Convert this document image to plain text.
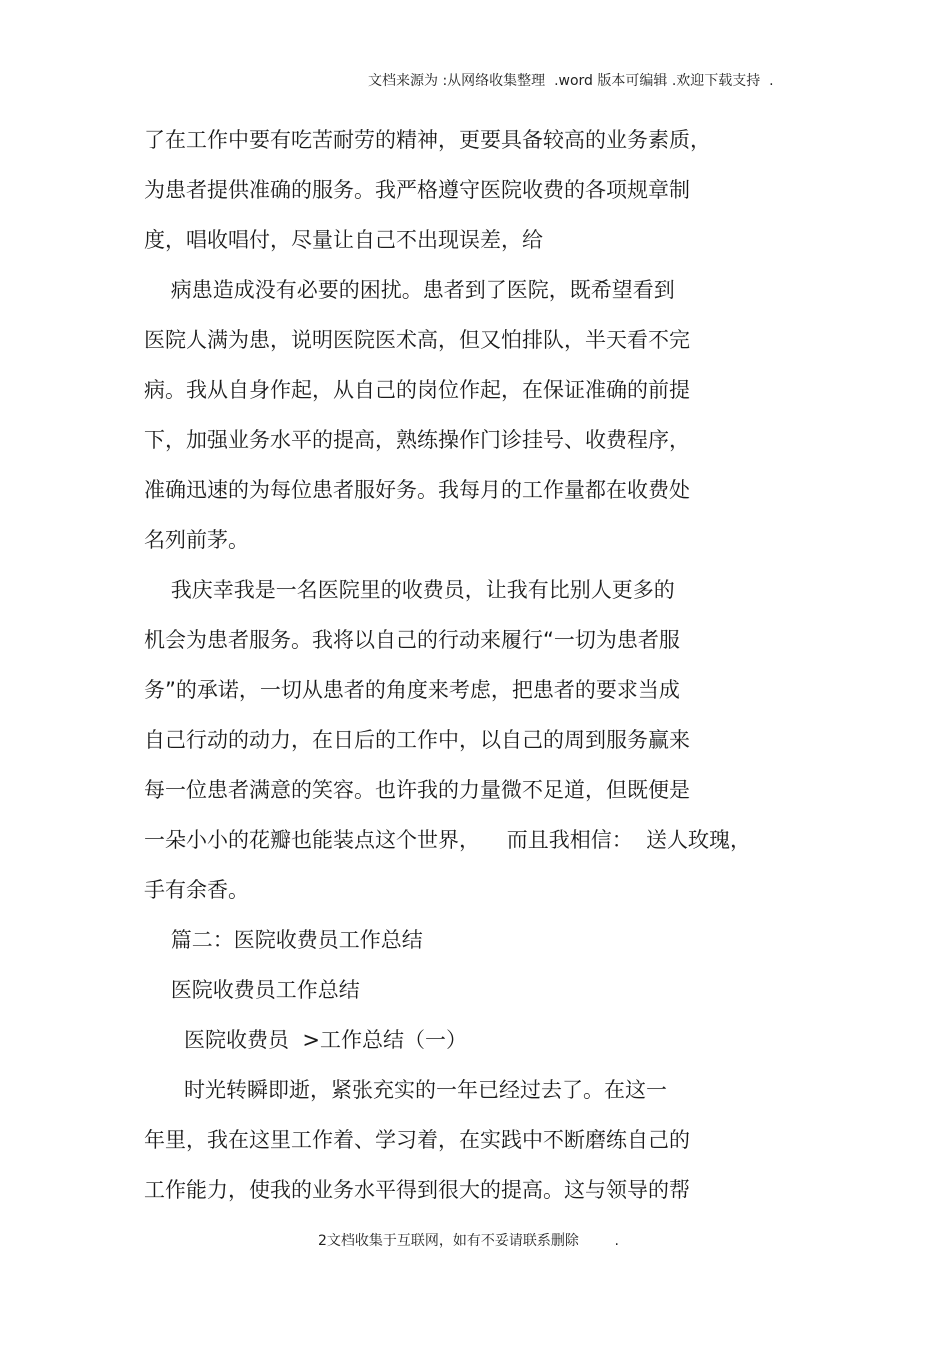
文档来源为 :从网络收集整理  .word 版本可编辑 .欢迎下载支持  .
了在工作中要有吃苦耐劳的精神，更要具备较高的业务素质，
为患者提供准确的服务。我严格遵守医院收费的各项规章制
度，唱收唱付，尽量让自己不出现误差，给
病患造成没有必要的困扰。患者到了医院，既希望看到
医院人满为患，说明医院医术高，但又怕排队，半天看不完
病。我从自身作起，从自己的岗位作起，在保证准确的前提
下，加强业务水平的提高，熟练操作门诊挂号、收费程序，
准确迅速的为每位患者服好务。我每月的工作量都在收费处
名列前茅。
我庆幸我是一名医院里的收费员，让我有比别人更多的
机会为患者服务。我将以自己的行动来履行“一切为患者服
务”的承诺，一切从患者的角度来考虑，把患者的要求当成
自己行动的动力，在日后的工作中，以自己的周到服务赢来
每一位患者满意的笑容。也许我的力量微不足道，但既便是
一朵小小的花瓣也能装点这个世界，    而且我相信：  送人玫瑰，
手有余香。
篇二：医院收费员工作总结
医院收费员工作总结
医院收费员  >工作总结（一）
时光转瞬即逝，紧张充实的一年已经过去了。在这一
年里，我在这里工作着、学习着，在实践中不断磨练自己的
工作能力，使我的业务水平得到很大的提高。这与领导的帮
2文档收集于互联网，如有不妥请联系删除        .
